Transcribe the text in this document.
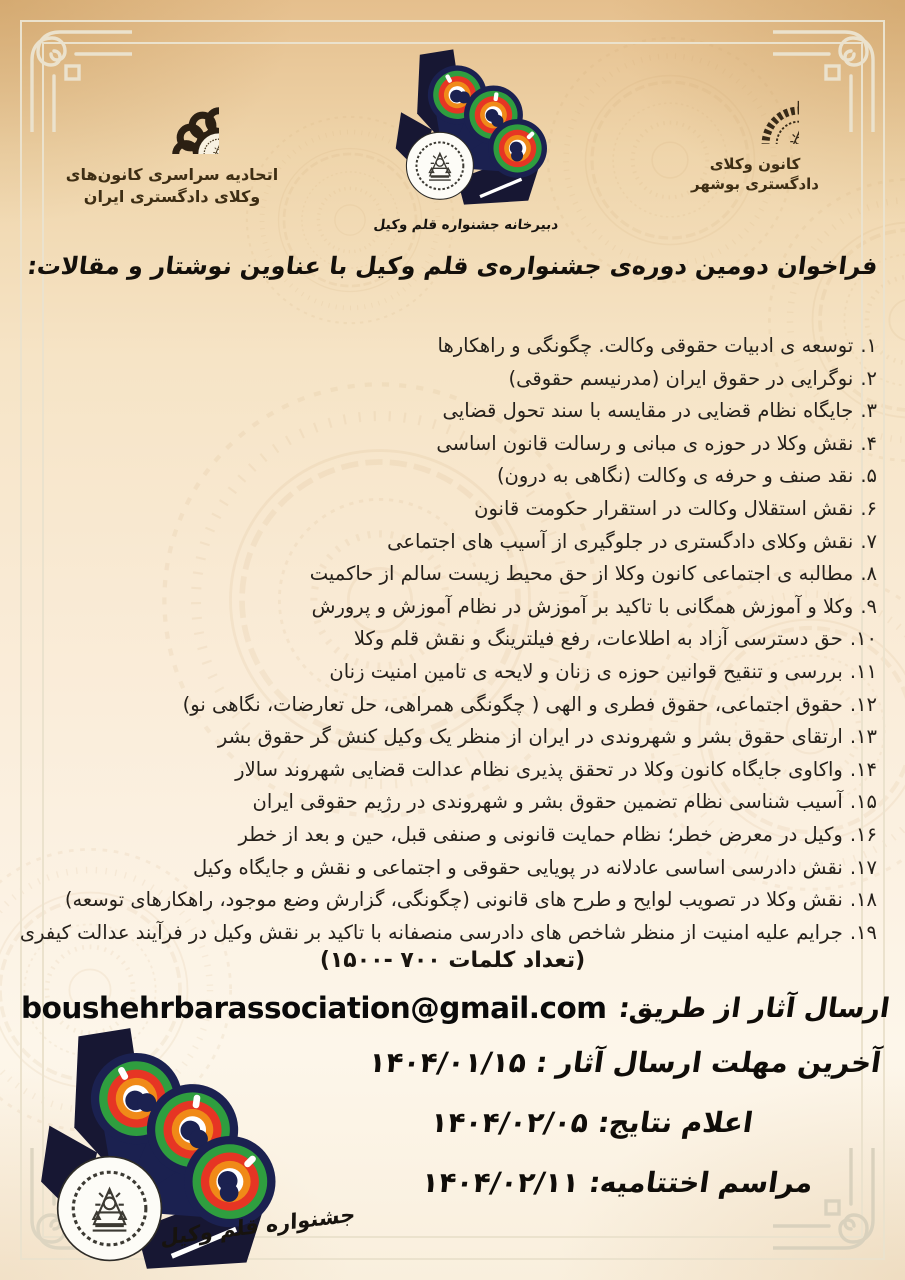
اتحادیه سراسری کانون‌های
وکلای دادگستری ایران
دبیرخانه جشنواره قلم وکیل
کانون وکلای
دادگستری بوشهر
فراخوان دومین دوره‌ی جشنواره‌ی قلم وکیل با عناوین نوشتار و مقالات:
۱.توسعه ی ادبیات حقوقی وکالت. چگونگی و راهکارها
۲.نوگرایی در حقوق ایران (مدرنیسم حقوقی)
۳.جایگاه نظام قضایی در مقایسه با سند تحول قضایی
۴.نقش وکلا در حوزه ی مبانی و رسالت قانون اساسی
۵.نقد صنف و حرفه ی وکالت (نگاهی به درون)
۶.نقش استقلال وکالت در استقرار حکومت قانون
۷.نقش وکلای دادگستری در جلوگیری از آسیب های اجتماعی
۸.مطالبه ی اجتماعی کانون وکلا از حق محیط زیست سالم از حاکمیت
۹.وکلا و آموزش همگانی با تاکید بر آموزش در نظام آموزش و پرورش
۱۰.حق دسترسی آزاد به اطلاعات، رفع فیلترینگ و نقش قلم وکلا
۱۱.بررسی و تنقیح قوانین حوزه ی زنان و لایحه ی تامین امنیت زنان
۱۲.حقوق اجتماعی، حقوق فطری و الهی ( چگونگی همراهی، حل تعارضات، نگاهی نو)
۱۳.ارتقای حقوق بشر و شهروندی در ایران از منظر یک وکیل کنش گر حقوق بشر
۱۴.واکاوی جایگاه کانون وکلا در تحقق پذیری نظام عدالت قضایی شهروند سالار
۱۵.آسیب شناسی نظام تضمین حقوق بشر و شهروندی در رژیم حقوقی ایران
۱۶.وکیل در معرض خطر؛ نظام حمایت قانونی و صنفی قبل، حین و بعد از خطر
۱۷.نقش دادرسی اساسی عادلانه در پویایی حقوقی و اجتماعی و نقش و جایگاه وکیل
۱۸.نقش وکلا در تصویب لوایح و طرح های قانونی (چگونگی، گزارش وضع موجود، راهکارهای توسعه)
۱۹.جرایم علیه امنیت از منظر شاخص های دادرسی منصفانه با تاکید بر نقش وکیل در فرآیند عدالت کیفری
(تعداد کلمات ۷۰۰ -۱۵۰۰)
ارسال آثار از طریق:
boushehrbarassociation@gmail.com
آخرین مهلت ارسال آثار :
۱۴۰۴/۰۱/۱۵
اعلام نتایج:
۱۴۰۴/۰۲/۰۵
مراسم اختتامیه:
۱۴۰۴/۰۲/۱۱
جشنواره قلم وکیل
